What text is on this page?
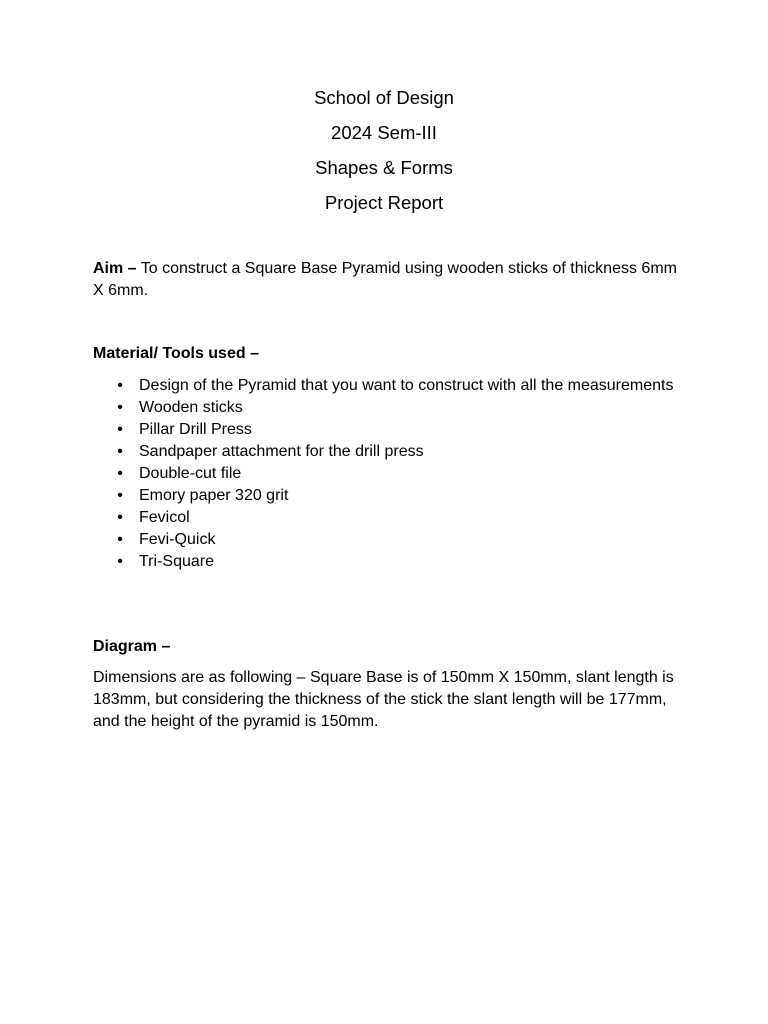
School of Design
2024 Sem-III
Shapes & Forms
Project Report
Aim – To construct a Square Base Pyramid using wooden sticks of thickness 6mm X 6mm.
Material/ Tools used –
• Design of the Pyramid that you want to construct with all the measurements
• Wooden sticks
• Pillar Drill Press
• Sandpaper attachment for the drill press
• Double-cut file
• Emory paper 320 grit
• Fevicol
• Fevi-Quick
• Tri-Square
Diagram –
Dimensions are as following – Square Base is of 150mm X 150mm, slant length is 183mm, but considering the thickness of the stick the slant length will be 177mm, and the height of the pyramid is 150mm.
